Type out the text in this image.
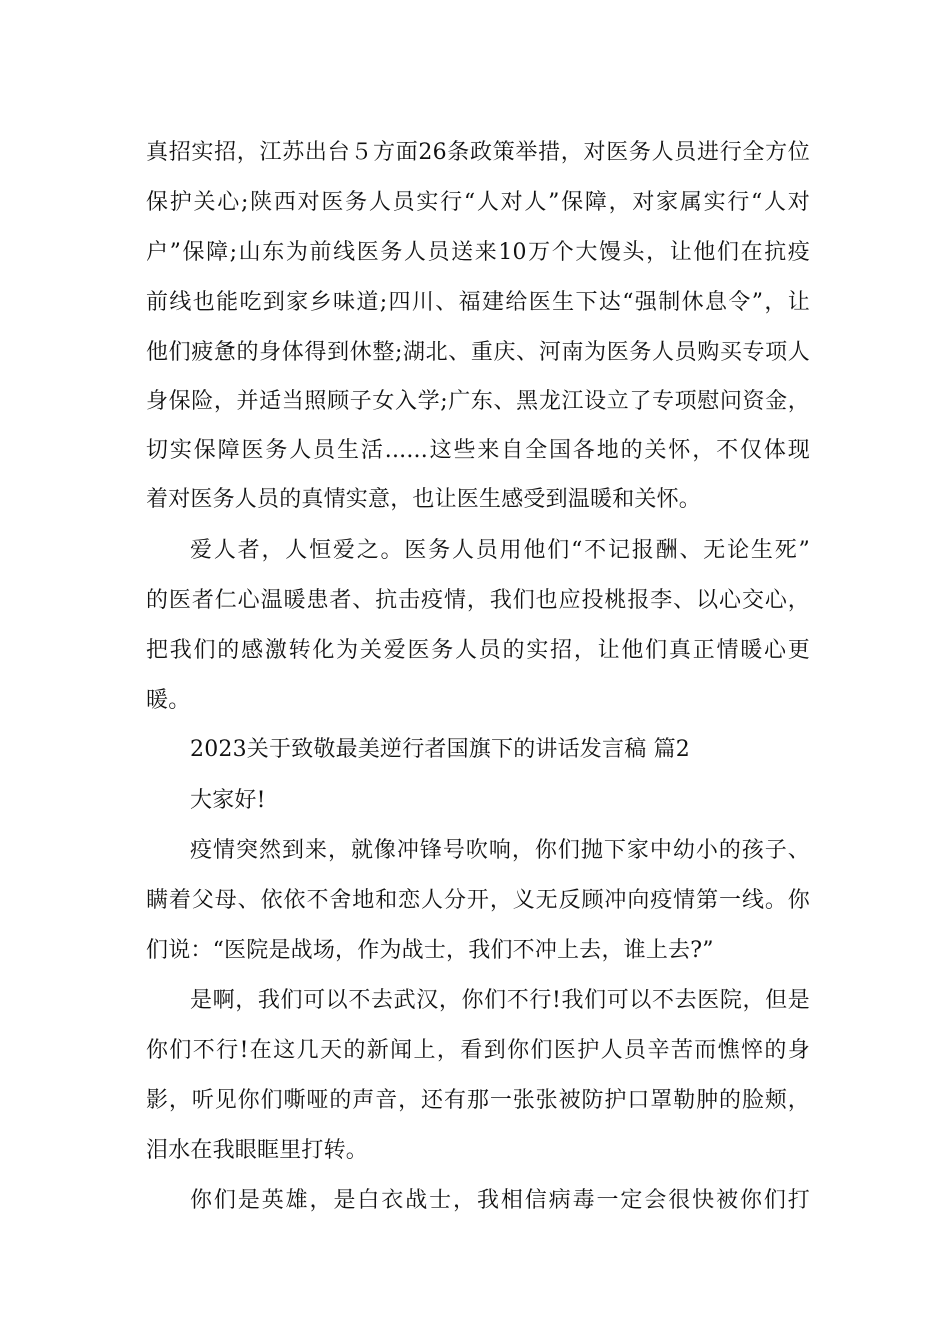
真招实招，江苏出台５方面26条政策举措，对医务人员进行全方位
保护关心;陕西对医务人员实行“人对人”保障，对家属实行“人对
户”保障;山东为前线医务人员送来10万个大馒头，让他们在抗疫
前线也能吃到家乡味道;四川、福建给医生下达“强制休息令”，让
他们疲惫的身体得到休整;湖北、重庆、河南为医务人员购买专项人
身保险，并适当照顾子女入学;广东、黑龙江设立了专项慰问资金，
切实保障医务人员生活......这些来自全国各地的关怀，不仅体现
着对医务人员的真情实意，也让医生感受到温暖和关怀。
爱人者，人恒爱之。医务人员用他们“不记报酬、无论生死”
的医者仁心温暖患者、抗击疫情，我们也应投桃报李、以心交心，
把我们的感激转化为关爱医务人员的实招，让他们真正情暖心更
暖。
2023关于致敬最美逆行者国旗下的讲话发言稿 篇2
大家好!
疫情突然到来，就像冲锋号吹响，你们抛下家中幼小的孩子、
瞒着父母、依依不舍地和恋人分开，义无反顾冲向疫情第一线。你
们说：“医院是战场，作为战士，我们不冲上去，谁上去?”
是啊，我们可以不去武汉，你们不行!我们可以不去医院，但是
你们不行!在这几天的新闻上，看到你们医护人员辛苦而憔悴的身
影，听见你们嘶哑的声音，还有那一张张被防护口罩勒肿的脸颊，
泪水在我眼眶里打转。
你们是英雄，是白衣战士，我相信病毒一定会很快被你们打
